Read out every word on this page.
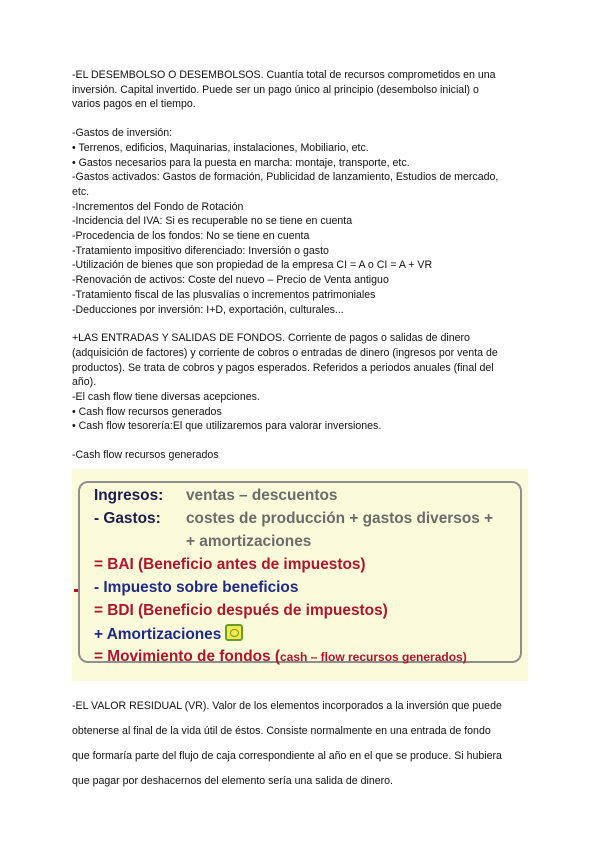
-EL DESEMBOLSO O DESEMBOLSOS. Cuantía total de recursos comprometidos en una

inversión. Capital invertido. Puede ser un pago único al principio (desembolso inicial) o

varios pagos en el tiempo.

-Gastos de inversión:

• Terrenos, edificios, Maquinarias, instalaciones, Mobiliario, etc.

• Gastos necesarios para la puesta en marcha: montaje, transporte, etc.

-Gastos activados: Gastos de formación, Publicidad de lanzamiento, Estudios de mercado,

etc.

-Incrementos del Fondo de Rotación

-Incidencia del IVA: Si es recuperable no se tiene en cuenta

-Procedencia de los fondos: No se tiene en cuenta

-Tratamiento impositivo diferenciado: Inversión o gasto

-Utilización de bienes que son propiedad de la empresa CI = A o CI = A + VR

-Renovación de activos: Coste del nuevo – Precio de Venta antiguo

-Tratamiento fiscal de las plusvalías o incrementos patrimoniales

-Deducciones por inversión: I+D, exportación, culturales...

+LAS ENTRADAS Y SALIDAS DE FONDOS. Corriente de pagos o salidas de dinero

(adquisición de factores) y corriente de cobros o entradas de dinero (ingresos por venta de

productos). Se trata de cobros y pagos esperados. Referidos a periodos anuales (final del

año).

-El cash flow tiene diversas acepciones.

• Cash flow recursos generados

• Cash flow tesorería:El que utilizaremos para valorar inversiones.

-Cash flow recursos generados

Ingresos: ventas – descuentos
- Gastos: costes de producción + gastos diversos +
+ amortizaciones
= BAI (Beneficio antes de impuestos)
- Impuesto sobre beneficios
= BDI (Beneficio después de impuestos)
+ Amortizaciones
= Movimiento de fondos (cash – flow recursos generados)

-EL VALOR RESIDUAL (VR). Valor de los elementos incorporados a la inversión que puede

obtenerse al final de la vida útil de éstos. Consiste normalmente en una entrada de fondo

que formaría parte del flujo de caja correspondiente al año en el que se produce. Si hubiera

que pagar por deshacernos del elemento sería una salida de dinero.
